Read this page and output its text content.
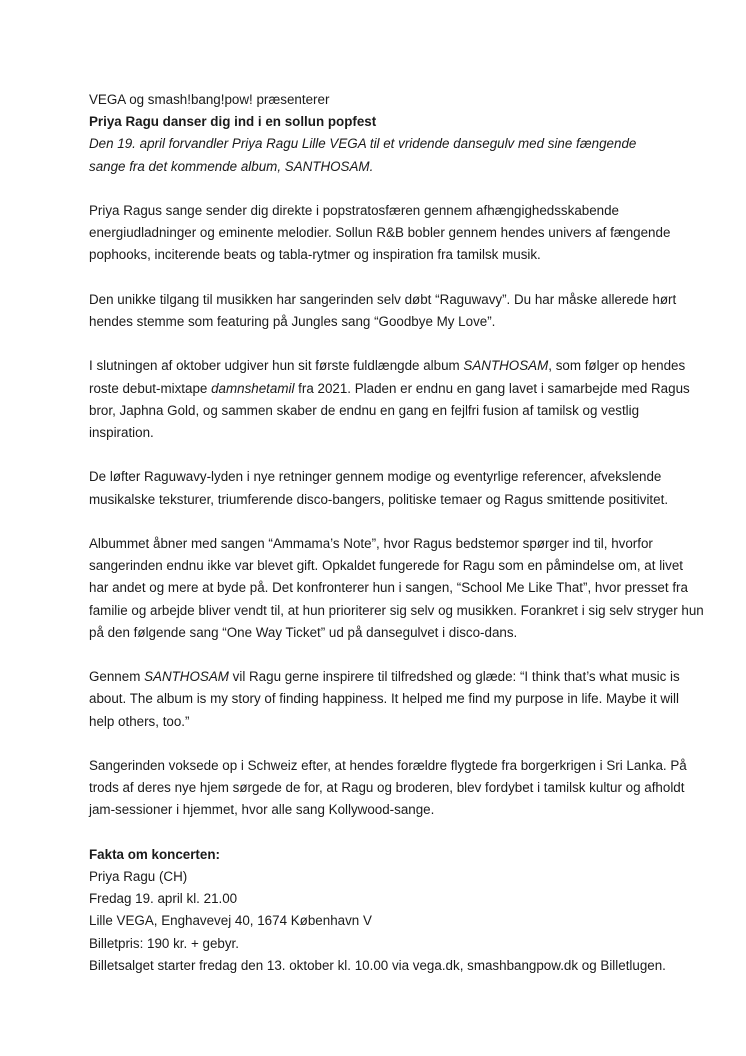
VEGA og smash!bang!pow! præsenterer

Priya Ragu danser dig ind i en sollun popfest

Den 19. april forvandler Priya Ragu Lille VEGA til et vridende dansegulv med sine fængende
sange fra det kommende album, SANTHOSAM.

Priya Ragus sange sender dig direkte i popstratosfæren gennem afhængighedsskabende energiudladninger og eminente melodier. Sollun R&B bobler gennem hendes univers af fængende pophooks, inciterende beats og tabla-rytmer og inspiration fra tamilsk musik.

Den unikke tilgang til musikken har sangerinden selv døbt “Raguwavy”. Du har måske allerede hørt hendes stemme som featuring på Jungles sang “Goodbye My Love”.

I slutningen af oktober udgiver hun sit første fuldlængde album SANTHOSAM, som følger op hendes roste debut-mixtape damnshetamil fra 2021. Pladen er endnu en gang lavet i samarbejde med Ragus bror, Japhna Gold, og sammen skaber de endnu en gang en fejlfri fusion af tamilsk og vestlig inspiration.

De løfter Raguwavy-lyden i nye retninger gennem modige og eventyrlige referencer, afvekslende musikalske teksturer, triumferende disco-bangers, politiske temaer og Ragus smittende positivitet.

Albummet åbner med sangen “Ammama’s Note”, hvor Ragus bedstemor spørger ind til, hvorfor sangerinden endnu ikke var blevet gift. Opkaldet fungerede for Ragu som en påmindelse om, at livet har andet og mere at byde på. Det konfronterer hun i sangen, “School Me Like That”, hvor presset fra familie og arbejde bliver vendt til, at hun prioriterer sig selv og musikken. Forankret i sig selv stryger hun på den følgende sang “One Way Ticket” ud på dansegulvet i disco-dans.

Gennem SANTHOSAM vil Ragu gerne inspirere til tilfredshed og glæde: “I think that’s what music is about. The album is my story of finding happiness. It helped me find my purpose in life. Maybe it will help others, too.”

Sangerinden voksede op i Schweiz efter, at hendes forældre flygtede fra borgerkrigen i Sri Lanka. På trods af deres nye hjem sørgede de for, at Ragu og broderen, blev fordybet i tamilsk kultur og afholdt jam-sessioner i hjemmet, hvor alle sang Kollywood-sange.

Fakta om koncerten:

Priya Ragu (CH)

Fredag 19. april kl. 21.00

Lille VEGA, Enghavevej 40, 1674 København V

Billetpris: 190 kr. + gebyr.

Billetsalget starter fredag den 13. oktober kl. 10.00 via vega.dk, smashbangpow.dk og Billetlugen.
